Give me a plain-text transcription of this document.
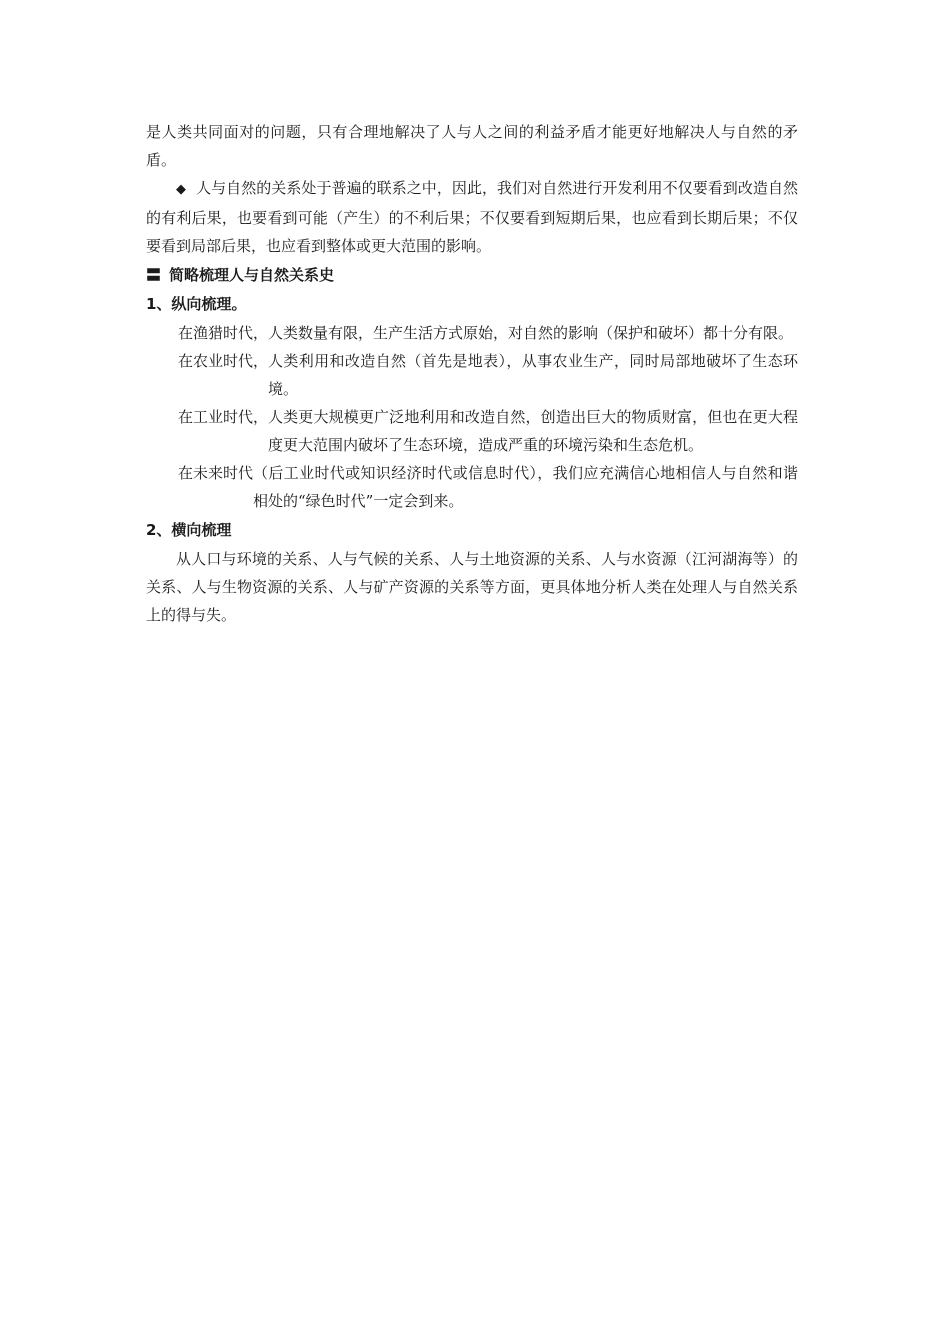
是人类共同面对的问题，只有合理地解决了人与人之间的利益矛盾才能更好地解决人与自然的矛盾。

◆ 人与自然的关系处于普遍的联系之中，因此，我们对自然进行开发利用不仅要看到改造自然的有利后果，也要看到可能（产生）的不利后果；不仅要看到短期后果，也应看到长期后果；不仅要看到局部后果，也应看到整体或更大范围的影响。

〓 简略梳理人与自然关系史
1、纵向梳理。

在渔猎时代，人类数量有限，生产生活方式原始，对自然的影响（保护和破坏）都十分有限。

在农业时代， 人类利用和改造自然（首先是地表），从事农业生产，同时局部地破坏了生态环境。

在工业时代， 人类更大规模更广泛地利用和改造自然，创造出巨大的物质财富，但也在更大程度更大范围内破坏了生态环境，造成严重的环境污染和生态危机。

在未来时代 （后工业时代或知识经济时代或信息时代），我们应充满信心地相信人与自然和谐相处的“绿色时代”一定会到来。

2、横向梳理

从人口与环境的关系、人与气候的关系、人与土地资源的关系、人与水资源（江河湖海等）的关系、人与生物资源的关系、人与矿产资源的关系等方面，更具体地分析人类在处理人与自然关系上的得与失。
